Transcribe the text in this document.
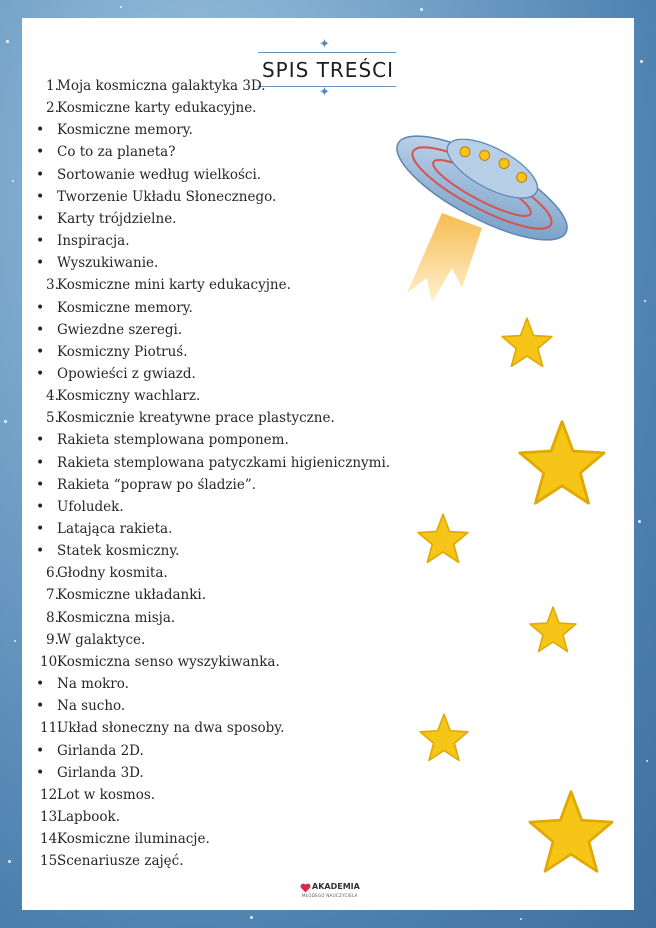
✦
SPIS TREŚCI
✦
1.
Moja kosmiczna galaktyka 3D.
2.
Kosmiczne karty edukacyjne.
• Kosmiczne memory.
• Co to za planeta?
• Sortowanie według wielkości.
• Tworzenie Układu Słonecznego.
• Karty trójdzielne.
• Inspiracja.
• Wyszukiwanie.
3.
Kosmiczne mini karty edukacyjne.
• Kosmiczne memory.
• Gwiezdne szeregi.
• Kosmiczny Piotruś.
• Opowieści z gwiazd.
4.
Kosmiczny wachlarz.
5.
Kosmicznie kreatywne prace plastyczne.
• Rakieta stemplowana pomponem.
• Rakieta stemplowana patyczkami higienicznymi.
• Rakieta “popraw po śladzie”.
• Ufoludek.
• Latająca rakieta.
• Statek kosmiczny.
6.
Głodny kosmita.
7.
Kosmiczne układanki.
8.
Kosmiczna misja.
9.
W galaktyce.
10.
Kosmiczna senso wyszykiwanka.
• Na mokro.
• Na sucho.
11.
Układ słoneczny na dwa sposoby.
• Girlanda 2D.
• Girlanda 3D.
12.
Lot w kosmos.
13.
Lapbook.
14.
Kosmiczne iluminacje.
15.
Scenariusze zajęć.
AKADEMIA
MŁODEGO NAUCZYCIELA
